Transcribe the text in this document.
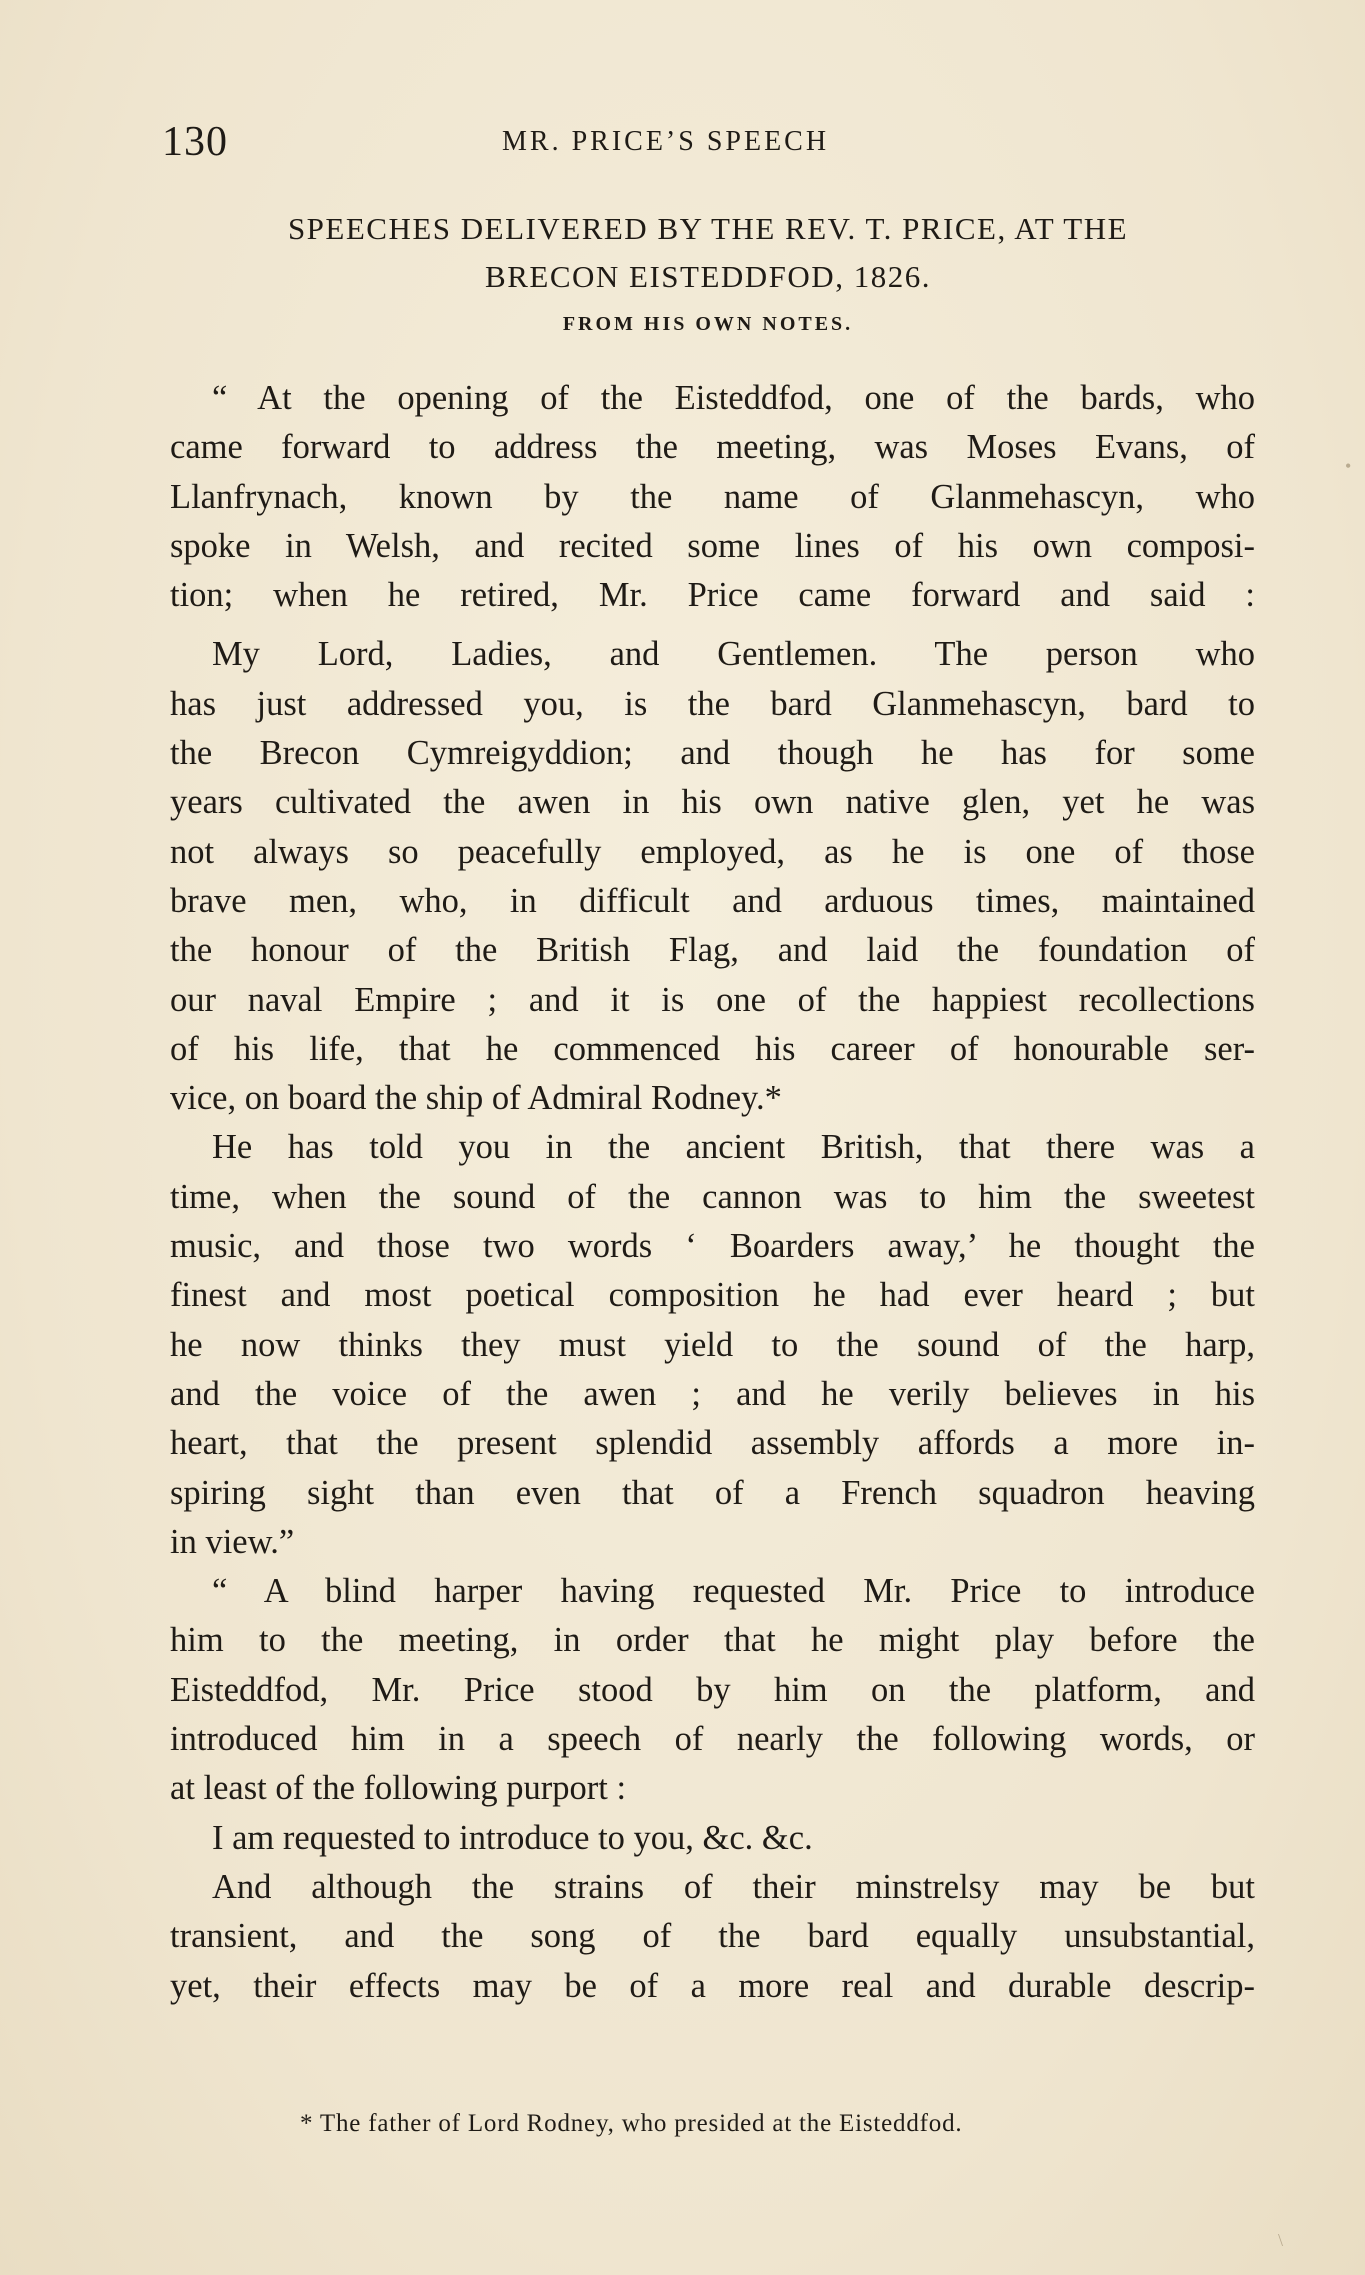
130	MR. PRICE’S SPEECH
SPEECHES DELIVERED BY THE REV. T. PRICE, AT THE
BRECON EISTEDDFOD, 1826.
FROM HIS OWN NOTES.
“ At the opening of the Eisteddfod, one of the bards, who
came forward to address the meeting, was Moses Evans, of
Llanfrynach, known by the name of Glanmehascyn, who
spoke in Welsh, and recited some lines of his own composi-
tion; when he retired, Mr. Price came forward and said :
My Lord, Ladies, and Gentlemen. The person who
has just addressed you, is the bard Glanmehascyn, bard to
the Brecon Cymreigyddion; and though he has for some
years cultivated the awen in his own native glen, yet he was
not always so peacefully employed, as he is one of those
brave men, who, in difficult and arduous times, maintained
the honour of the British Flag, and laid the foundation of
our naval Empire ; and it is one of the happiest recollections
of his life, that he commenced his career of honourable ser-
vice, on board the ship of Admiral Rodney.*
He has told you in the ancient British, that there was a
time, when the sound of the cannon was to him the sweetest
music, and those two words ‘ Boarders away,’ he thought the
finest and most poetical composition he had ever heard ; but
he now thinks they must yield to the sound of the harp,
and the voice of the awen ; and he verily believes in his
heart, that the present splendid assembly affords a more in-
spiring sight than even that of a French squadron heaving
in view.”
“ A blind harper having requested Mr. Price to introduce
him to the meeting, in order that he might play before the
Eisteddfod, Mr. Price stood by him on the platform, and
introduced him in a speech of nearly the following words, or
at least of the following purport :
I am requested to introduce to you, &c. &c.
And although the strains of their minstrelsy may be but
transient, and the song of the bard equally unsubstantial,
yet, their effects may be of a more real and durable descrip-
* The father of Lord Rodney, who presided at the Eisteddfod.
•
\
